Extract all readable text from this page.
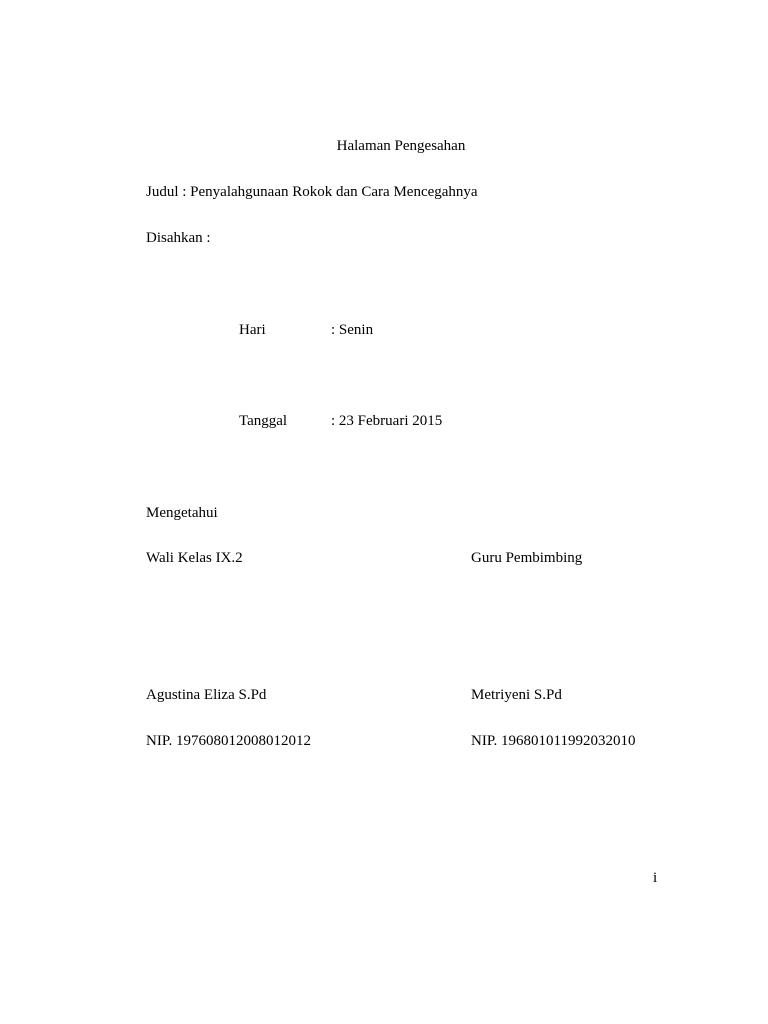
Halaman Pengesahan
Judul : Penyalahgunaan Rokok dan Cara Mencegahnya
Disahkan :
Hari	: Senin
Tanggal	: 23 Februari 2015
Mengetahui
Wali Kelas IX.2	Guru Pembimbing
Agustina Eliza S.Pd	Metriyeni S.Pd
NIP. 197608012008012012	NIP. 196801011992032010
i
